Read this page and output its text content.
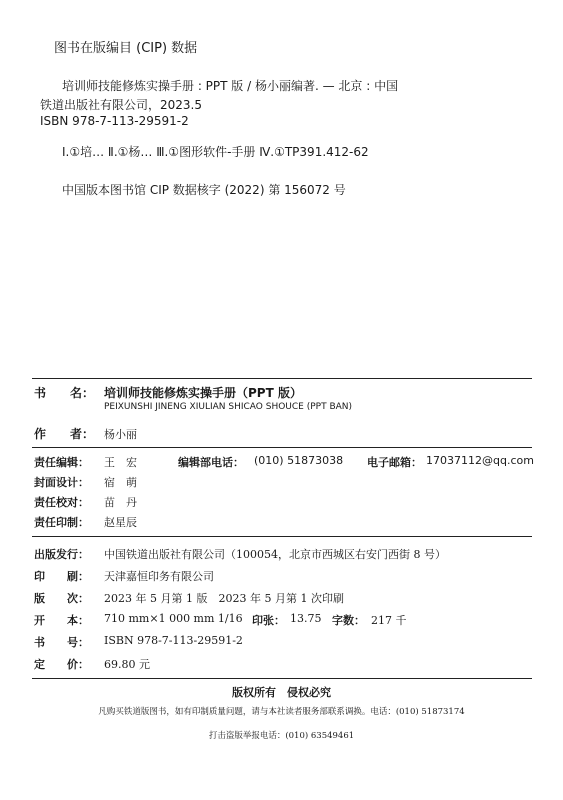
图书在版编目 (CIP) 数据
培训师技能修炼实操手册 : PPT 版 / 杨小丽编著. — 北京 : 中国
铁道出版社有限公司，2023.5
ISBN 978-7-113-29591-2
Ⅰ.①培… Ⅱ.①杨… Ⅲ.①图形软件-手册 Ⅳ.①TP391.412-62
中国版本图书馆 CIP 数据核字 (2022) 第 156072 号
书　　名： 培训师技能修炼实操手册（PPT 版）
PEIXUNSHI JINENG XIULIAN SHICAO SHOUCE (PPT BAN)
作　　者： 杨小丽
责任编辑： 王　宏	编辑部电话： (010) 51873038 电子邮箱： 17037112@qq.com
封面设计： 宿　萌
责任校对： 苗　丹
责任印制： 赵星辰
出版发行： 中国铁道出版社有限公司（100054，北京市西城区右安门西街 8 号）
印　　刷： 天津嘉恒印务有限公司
版　　次： 2023 年 5 月第 1 版　2023 年 5 月第 1 次印刷
开　　本： 710 mm×1 000 mm 1/16 印张： 13.75 字数： 217 千
书　　号： ISBN 978-7-113-29591-2
定　　价： 69.80 元
版权所有　侵权必究
凡购买铁道版图书，如有印制质量问题，请与本社读者服务部联系调换。电话：(010) 51873174
打击盗版举报电话：(010) 63549461
